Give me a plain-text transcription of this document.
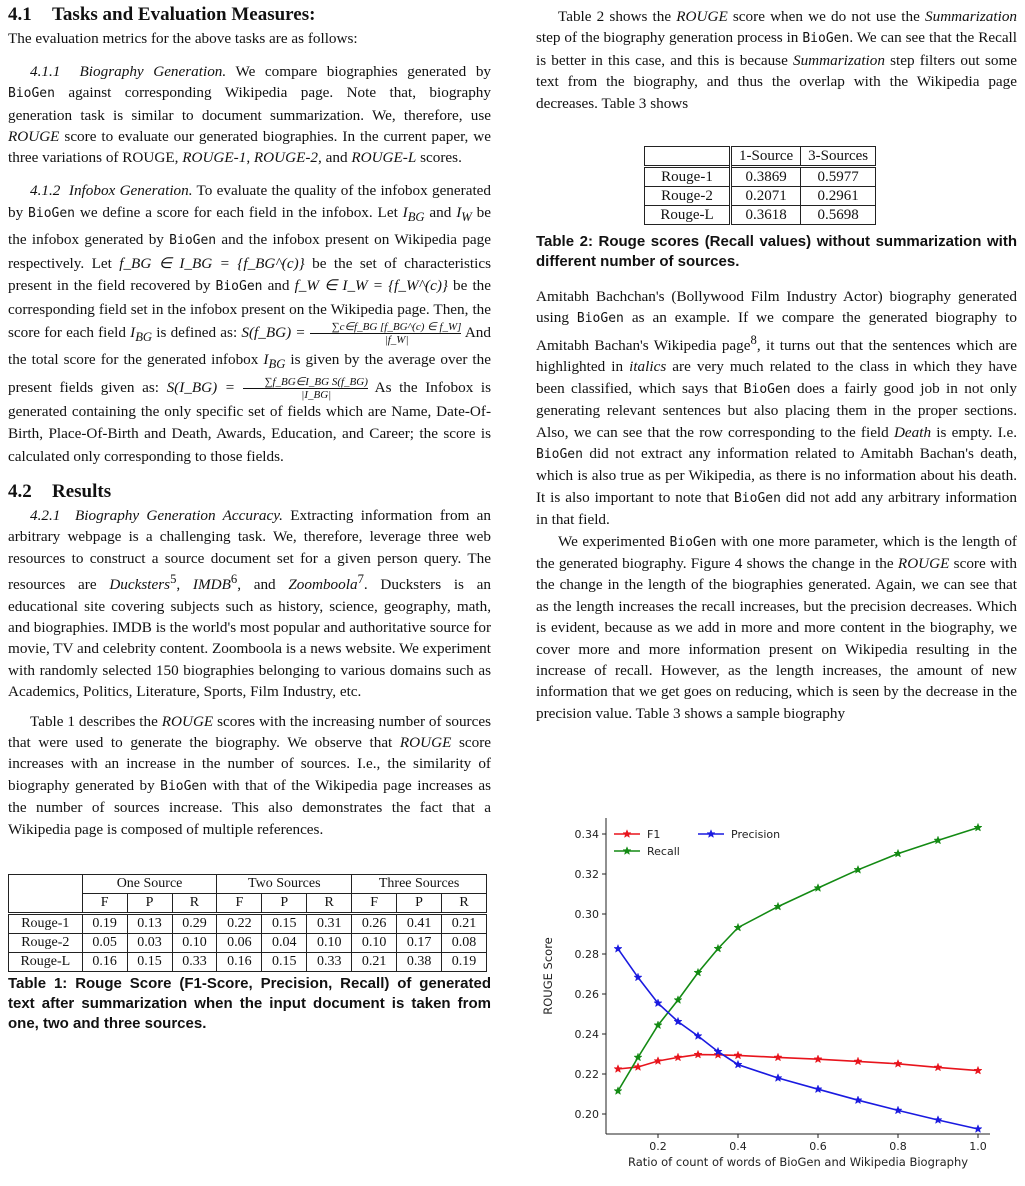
4.1 Tasks and Evaluation Measures:

The evaluation metrics for the above tasks are as follows:

4.1.1 Biography Generation. We compare biographies generated by BioGen against corresponding Wikipedia page. Note that, biography generation task is similar to document summarization. We, therefore, use ROUGE score to evaluate our generated biographies. In the current paper, we three variations of ROUGE, ROUGE-1, ROUGE-2, and ROUGE-L scores.

4.1.2 Infobox Generation. To evaluate the quality of the infobox generated by BioGen we define a score for each field in the infobox. Let $I_{BG}$ and $I_W$ be the infobox generated by BioGen and the infobox present on Wikipedia page respectively. Let f_BG ∈ I_BG = {f_BG^(c)} be the set of characteristics present in the field recovered by BioGen and f_W ∈ I_W = {f_W^(c)} be the corresponding field set in the infobox present on the Wikipedia page. Then, the score for each field $I_{BG}$ is defined as: S(f_BG) = $\frac{\sum c\in f\_BG [f\_BG\^{}(c) \in f\_W]}{|f\_W|}$ And the total score for the generated infobox $I_{BG}$ is given by the average over the present fields given as: S(I_BG) = $\frac{\text{∑f\_BG∈I\_BG S(f\_BG)}}{|I\_BG|}$ As the Infobox is generated containing the only specific set of fields which are Name, Date-Of-Birth, Place-Of-Birth and Death, Awards, Education, and Career; the score is calculated only corresponding to those fields.

4.2 Results

4.2.1 Biography Generation Accuracy. Extracting information from an arbitrary webpage is a challenging task. We, therefore, leverage three web resources to construct a source document set for a given person query. The resources are Ducksters$^5$, IMDB$^6$, and Zoomboola$^7$. Ducksters is an educational site covering subjects such as history, science, geography, math, and biographies. IMDB is the world's most popular and authoritative source for movie, TV and celebrity content. Zoomboola is a news website. We experiment with randomly selected 150 biographies belonging to various domains such as Academics, Politics, Literature, Sports, Film Industry, etc.

Table 1 describes the ROUGE scores with the increasing number of sources that were used to generate the biography. We observe that ROUGE score increases with an increase in the number of sources. I.e., the similarity of biography generated by BioGen with that of the Wikipedia page increases as the number of sources increase. This also demonstrates the fact that a Wikipedia page is composed of multiple references.

	One Source			Two Sources			Three Sources		
	F	P	R	F	P	R	F	P	R
Rouge-1	0.19	0.13	0.29	0.22	0.15	0.31	0.26	0.41	0.21
Rouge-2	0.05	0.03	0.10	0.06	0.04	0.10	0.10	0.17	0.08
Rouge-L	0.16	0.15	0.33	0.16	0.15	0.33	0.21	0.38	0.19

Table 1: Rouge Score (F1-Score, Precision, Recall) of generated text after summarization when the input document is taken from one, two and three sources.

Table 2 shows the ROUGE score when we do not use the Summarization step of the biography generation process in BioGen. We can see that the Recall is better in this case, and this is because Summarization step filters out some text from the biography, and thus the overlap with the Wikipedia page decreases. Table 3 shows

	1-Source	3-Sources
Rouge-1	0.3869	0.5977
Rouge-2	0.2071	0.2961
Rouge-L	0.3618	0.5698

Table 2: Rouge scores (Recall values) without summarization with different number of sources.

Amitabh Bachchan's (Bollywood Film Industry Actor) biography generated using BioGen as an example. If we compare the generated biography to Amitabh Bachan's Wikipedia page$^8$, it turns out that the sentences which are highlighted in italics are very much related to the class in which they have been classified, which says that BioGen does a fairly good job in not only generating relevant sentences but also placing them in the proper sections. Also, we can see that the row corresponding to the field Death is empty. I.e. BioGen did not extract any information related to Amitabh Bachan's death, which is also true as per Wikipedia, as there is no information about his death. It is also important to note that BioGen did not add any arbitrary information in that field.

We experimented BioGen with one more parameter, which is the length of the generated biography. Figure 4 shows the change in the ROUGE score with the change in the length of the biographies generated. Again, we can see that as the length increases the recall increases, but the precision decreases. Which is evident, because as we add in more and more content in the biography, we cover more and more information present on Wikipedia resulting in the increase of recall. However, as the length increases, the amount of new information that we get goes on reducing, which is seen by the decrease in the precision value. Table 3 shows a sample biography

0.2	0.4	0.6	0.8	1.0
0.20
0.22
0.24
0.26
0.28
0.30
0.32
0.34	F1
Recall
Precision
Ratio of count of words of BioGen and Wikipedia Biography
ROUGE Score
